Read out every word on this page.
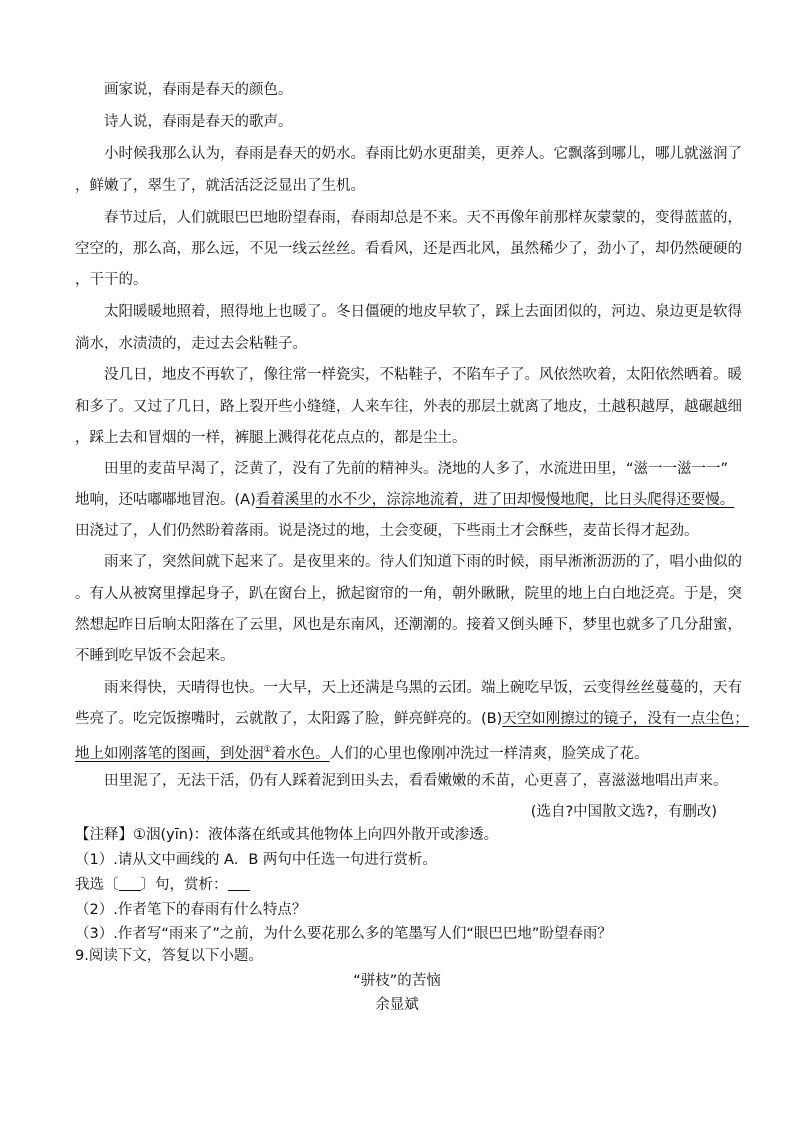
画家说，春雨是春天的颜色。
诗人说，春雨是春天的歌声。
小时候我那么认为，春雨是春天的奶水。春雨比奶水更甜美，更养人。它飘落到哪儿，哪儿就滋润了
，鲜嫩了，翠生了，就活活泛泛显出了生机。
春节过后，人们就眼巴巴地盼望春雨，春雨却总是不来。天不再像年前那样灰蒙蒙的，变得蓝蓝的，
空空的，那么高，那么远，不见一线云丝丝。看看风，还是西北风，虽然稀少了，劲小了，却仍然硬硬的
，干干的。
太阳暖暖地照着，照得地上也暖了。冬日僵硬的地皮早软了，踩上去面团似的，河边、泉边更是软得
淌水，水渍渍的，走过去会粘鞋子。
没几日，地皮不再软了，像往常一样瓷实，不粘鞋子，不陷车子了。风依然吹着，太阳依然晒着。暖
和多了。又过了几日，路上裂开些小缝缝，人来车往，外表的那层土就离了地皮，土越积越厚，越碾越细
，踩上去和冒烟的一样，裤腿上溅得花花点点的，都是尘土。
田里的麦苗早渴了，泛黄了，没有了先前的精神头。浇地的人多了，水流进田里，“滋一一滋一一”
地响，还咕嘟嘟地冒泡。(A)看着溪里的水不少，淙淙地流着，进了田却慢慢地爬，比日头爬得还要慢。
田浇过了，人们仍然盼着落雨。说是浇过的地，土会变硬，下些雨土才会酥些，麦苗长得才起劲。
雨来了，突然间就下起来了。是夜里来的。待人们知道下雨的时候，雨早淅淅沥沥的了，唱小曲似的
。有人从被窝里撑起身子，趴在窗台上，掀起窗帘的一角，朝外瞅瞅，院里的地上白白地泛亮。于是，突
然想起昨日后晌太阳落在了云里，风也是东南风，还潮潮的。接着又倒头睡下，梦里也就多了几分甜蜜，
不睡到吃早饭不会起来。
雨来得快，天晴得也快。一大早，天上还满是乌黑的云团。端上碗吃早饭，云变得丝丝蔓蔓的，天有
些亮了。吃完饭擦嘴时，云就散了，太阳露了脸，鲜亮鲜亮的。(B)天空如刚擦过的镜子，没有一点尘色；
地上如刚落笔的图画，到处洇①着水色。人们的心里也像刚冲洗过一样清爽，脸笑成了花。
田里泥了，无法干活，仍有人踩着泥到田头去，看看嫩嫩的禾苗，心更喜了，喜滋滋地唱出声来。
(选自?中国散文选?，有删改)
【注释】①洇(yīn)：液体落在纸或其他物体上向四外散开或渗透。
（1）.请从文中画线的 A．B 两句中任选一句进行赏析。
我选〔 〕句，赏析：
（2）.作者笔下的春雨有什么特点？
（3）.作者写“雨来了”之前，为什么要花那么多的笔墨写人们“眼巴巴地”盼望春雨？
9.阅读下文，答复以下小题。
“骈枝”的苦恼
余显斌
